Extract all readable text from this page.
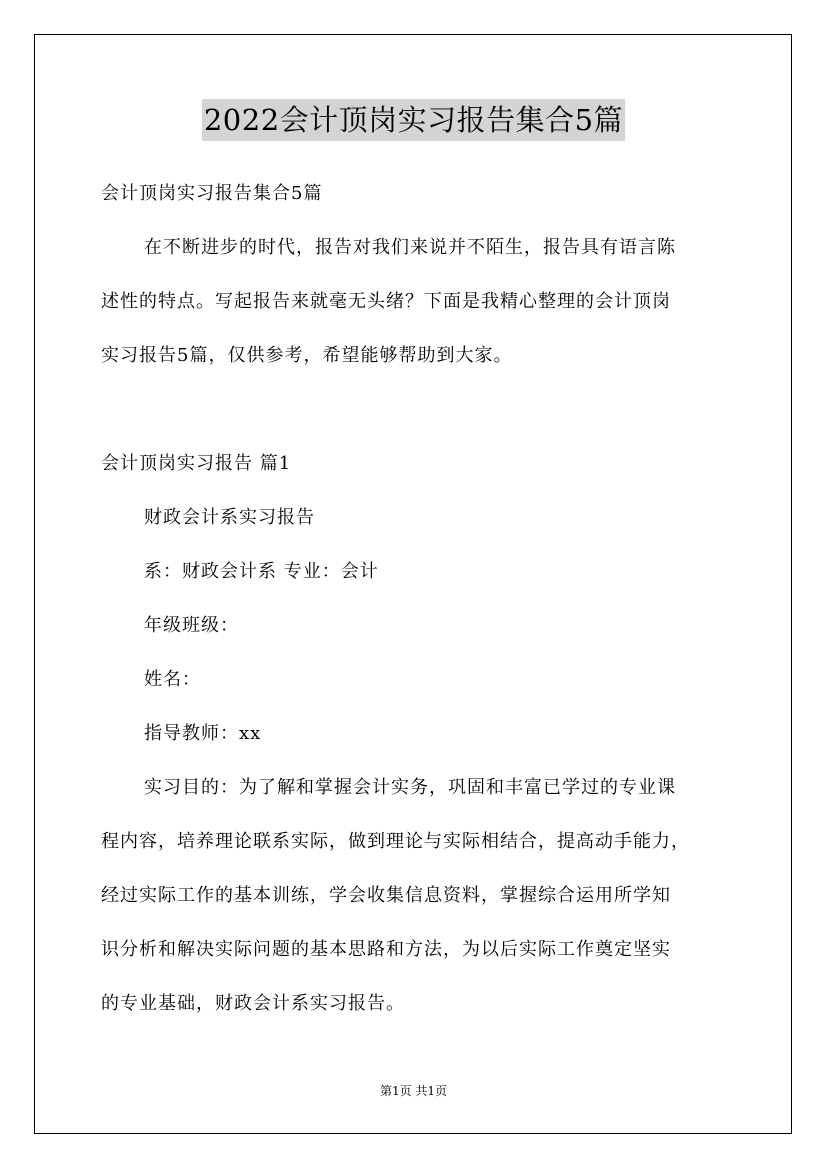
2022会计顶岗实习报告集合5篇
会计顶岗实习报告集合5篇
在不断进步的时代，报告对我们来说并不陌生，报告具有语言陈
述性的特点。写起报告来就毫无头绪？下面是我精心整理的会计顶岗
实习报告5篇，仅供参考，希望能够帮助到大家。
会计顶岗实习报告 篇1
财政会计系实习报告
系：财政会计系 专业：会计
年级班级：
姓名：
指导教师：xx
实习目的：为了解和掌握会计实务，巩固和丰富已学过的专业课
程内容，培养理论联系实际，做到理论与实际相结合，提高动手能力，
经过实际工作的基本训练，学会收集信息资料，掌握综合运用所学知
识分析和解决实际问题的基本思路和方法，为以后实际工作奠定坚实
的专业基础，财政会计系实习报告。
第1页 共1页
